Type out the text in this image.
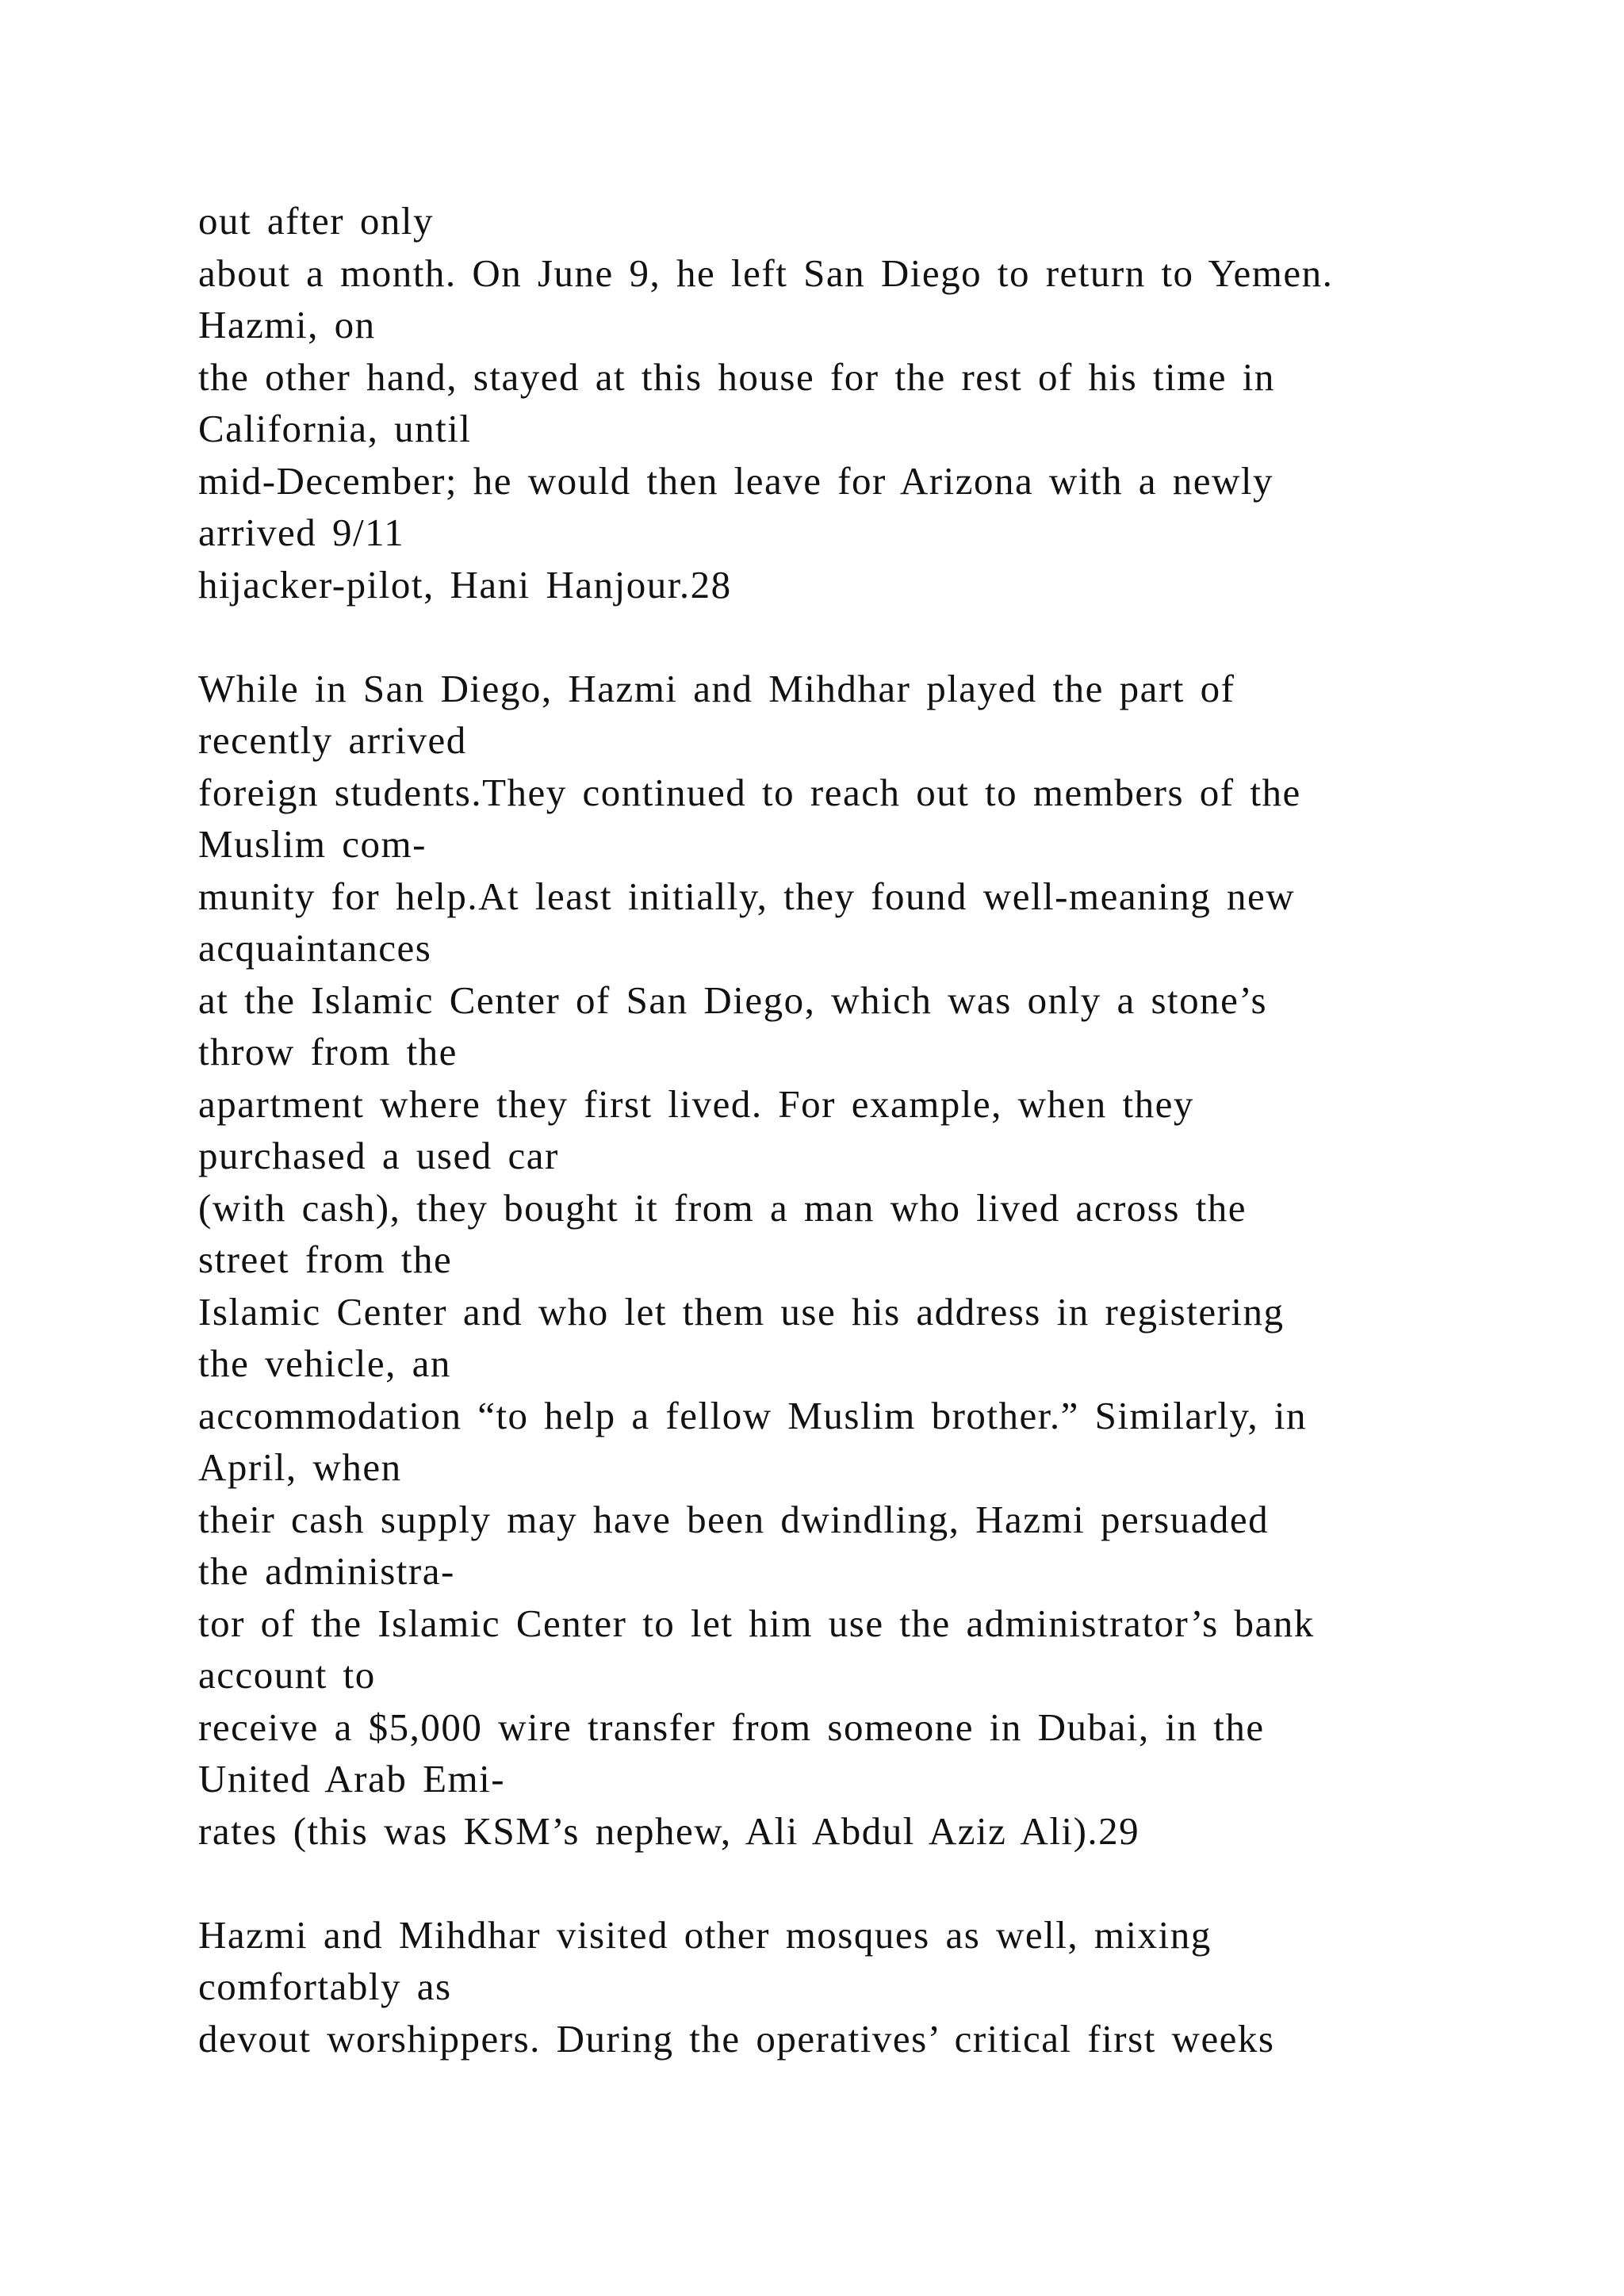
out after only
about a month. On June 9, he left San Diego to return to Yemen.
Hazmi, on
the other hand, stayed at this house for the rest of his time in
California, until
mid-December; he would then leave for Arizona with a newly
arrived 9/11
hijacker-pilot, Hani Hanjour.28
While in San Diego, Hazmi and Mihdhar played the part of
recently arrived
foreign students.They continued to reach out to members of the
Muslim com-
munity for help.At least initially, they found well-meaning new
acquaintances
at the Islamic Center of San Diego, which was only a stone’s
throw from the
apartment where they first lived. For example, when they
purchased a used car
(with cash), they bought it from a man who lived across the
street from the
Islamic Center and who let them use his address in registering
the vehicle, an
accommodation “to help a fellow Muslim brother.” Similarly, in
April, when
their cash supply may have been dwindling, Hazmi persuaded
the administra-
tor of the Islamic Center to let him use the administrator’s bank
account to
receive a $5,000 wire transfer from someone in Dubai, in the
United Arab Emi-
rates (this was KSM’s nephew, Ali Abdul Aziz Ali).29
Hazmi and Mihdhar visited other mosques as well, mixing
comfortably as
devout worshippers. During the operatives’ critical first weeks
